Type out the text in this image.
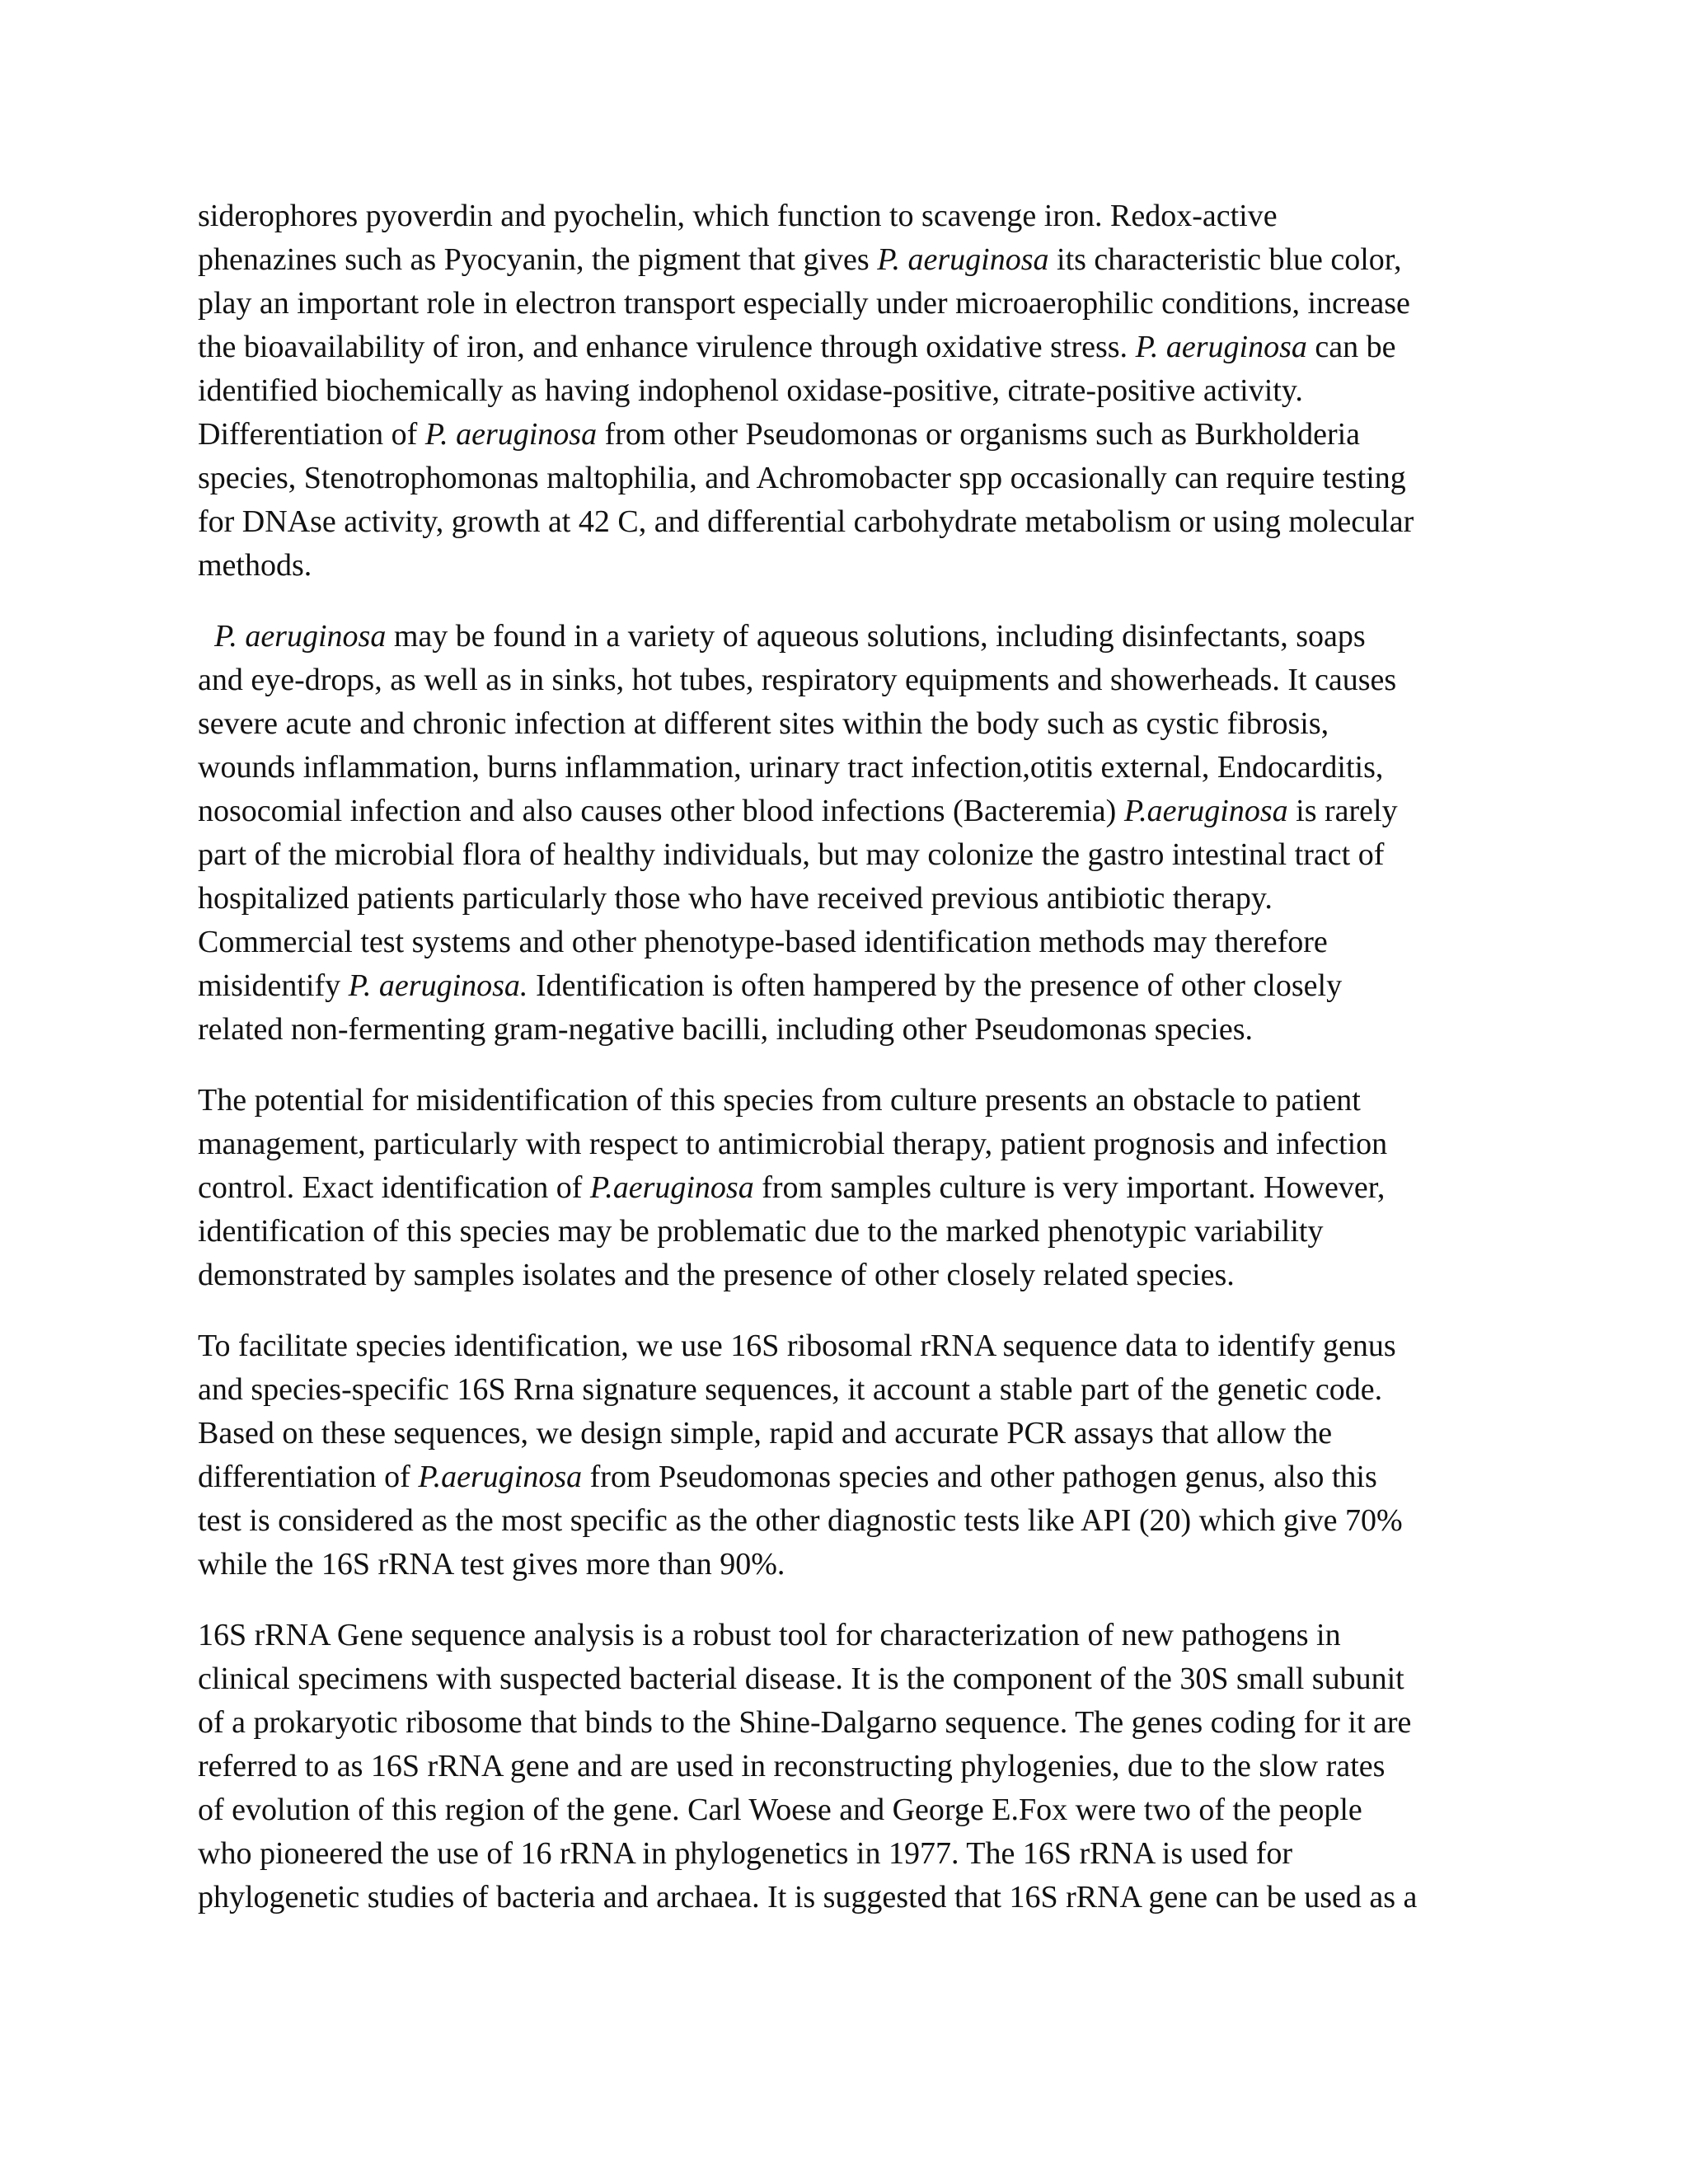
siderophores pyoverdin and pyochelin, which function to scavenge iron. Redox-active
phenazines such as Pyocyanin, the pigment that gives P. aeruginosa its characteristic blue color,
play an important role in electron transport especially under microaerophilic conditions, increase
the bioavailability of iron, and enhance virulence through oxidative stress. P. aeruginosa can be
identified biochemically as having indophenol oxidase-positive, citrate-positive activity.
Differentiation of P. aeruginosa from other Pseudomonas or organisms such as Burkholderia
species, Stenotrophomonas maltophilia, and Achromobacter spp occasionally can require testing
for DNAse activity, growth at 42 C, and differential carbohydrate metabolism or using molecular
methods.

P. aeruginosa may be found in a variety of aqueous solutions, including disinfectants, soaps
and eye-drops, as well as in sinks, hot tubes, respiratory equipments and showerheads. It causes
severe acute and chronic infection at different sites within the body such as cystic fibrosis,
wounds inflammation, burns inflammation, urinary tract infection,otitis external, Endocarditis,
nosocomial infection and also causes other blood infections (Bacteremia) P.aeruginosa is rarely
part of the microbial flora of healthy individuals, but may colonize the gastro intestinal tract of
hospitalized patients particularly those who have received previous antibiotic therapy.
Commercial test systems and other phenotype-based identification methods may therefore
misidentify P. aeruginosa. Identification is often hampered by the presence of other closely
related non-fermenting gram-negative bacilli, including other Pseudomonas species.

The potential for misidentification of this species from culture presents an obstacle to patient
management, particularly with respect to antimicrobial therapy, patient prognosis and infection
control. Exact identification of P.aeruginosa from samples culture is very important. However,
identification of this species may be problematic due to the marked phenotypic variability
demonstrated by samples isolates and the presence of other closely related species.

To facilitate species identification, we use 16S ribosomal rRNA sequence data to identify genus
and species-specific 16S Rrna signature sequences, it account a stable part of the genetic code.
Based on these sequences, we design simple, rapid and accurate PCR assays that allow the
differentiation of P.aeruginosa from Pseudomonas species and other pathogen genus, also this
test is considered as the most specific as the other diagnostic tests like API (20) which give 70%
while the 16S rRNA test gives more than 90%.

16S rRNA Gene sequence analysis is a robust tool for characterization of new pathogens in
clinical specimens with suspected bacterial disease. It is the component of the 30S small subunit
of a prokaryotic ribosome that binds to the Shine-Dalgarno sequence. The genes coding for it are
referred to as 16S rRNA gene and are used in reconstructing phylogenies, due to the slow rates
of evolution of this region of the gene. Carl Woese and George E.Fox were two of the people
who pioneered the use of 16 rRNA in phylogenetics in 1977. The 16S rRNA is used for
phylogenetic studies of bacteria and archaea. It is suggested that 16S rRNA gene can be used as a
